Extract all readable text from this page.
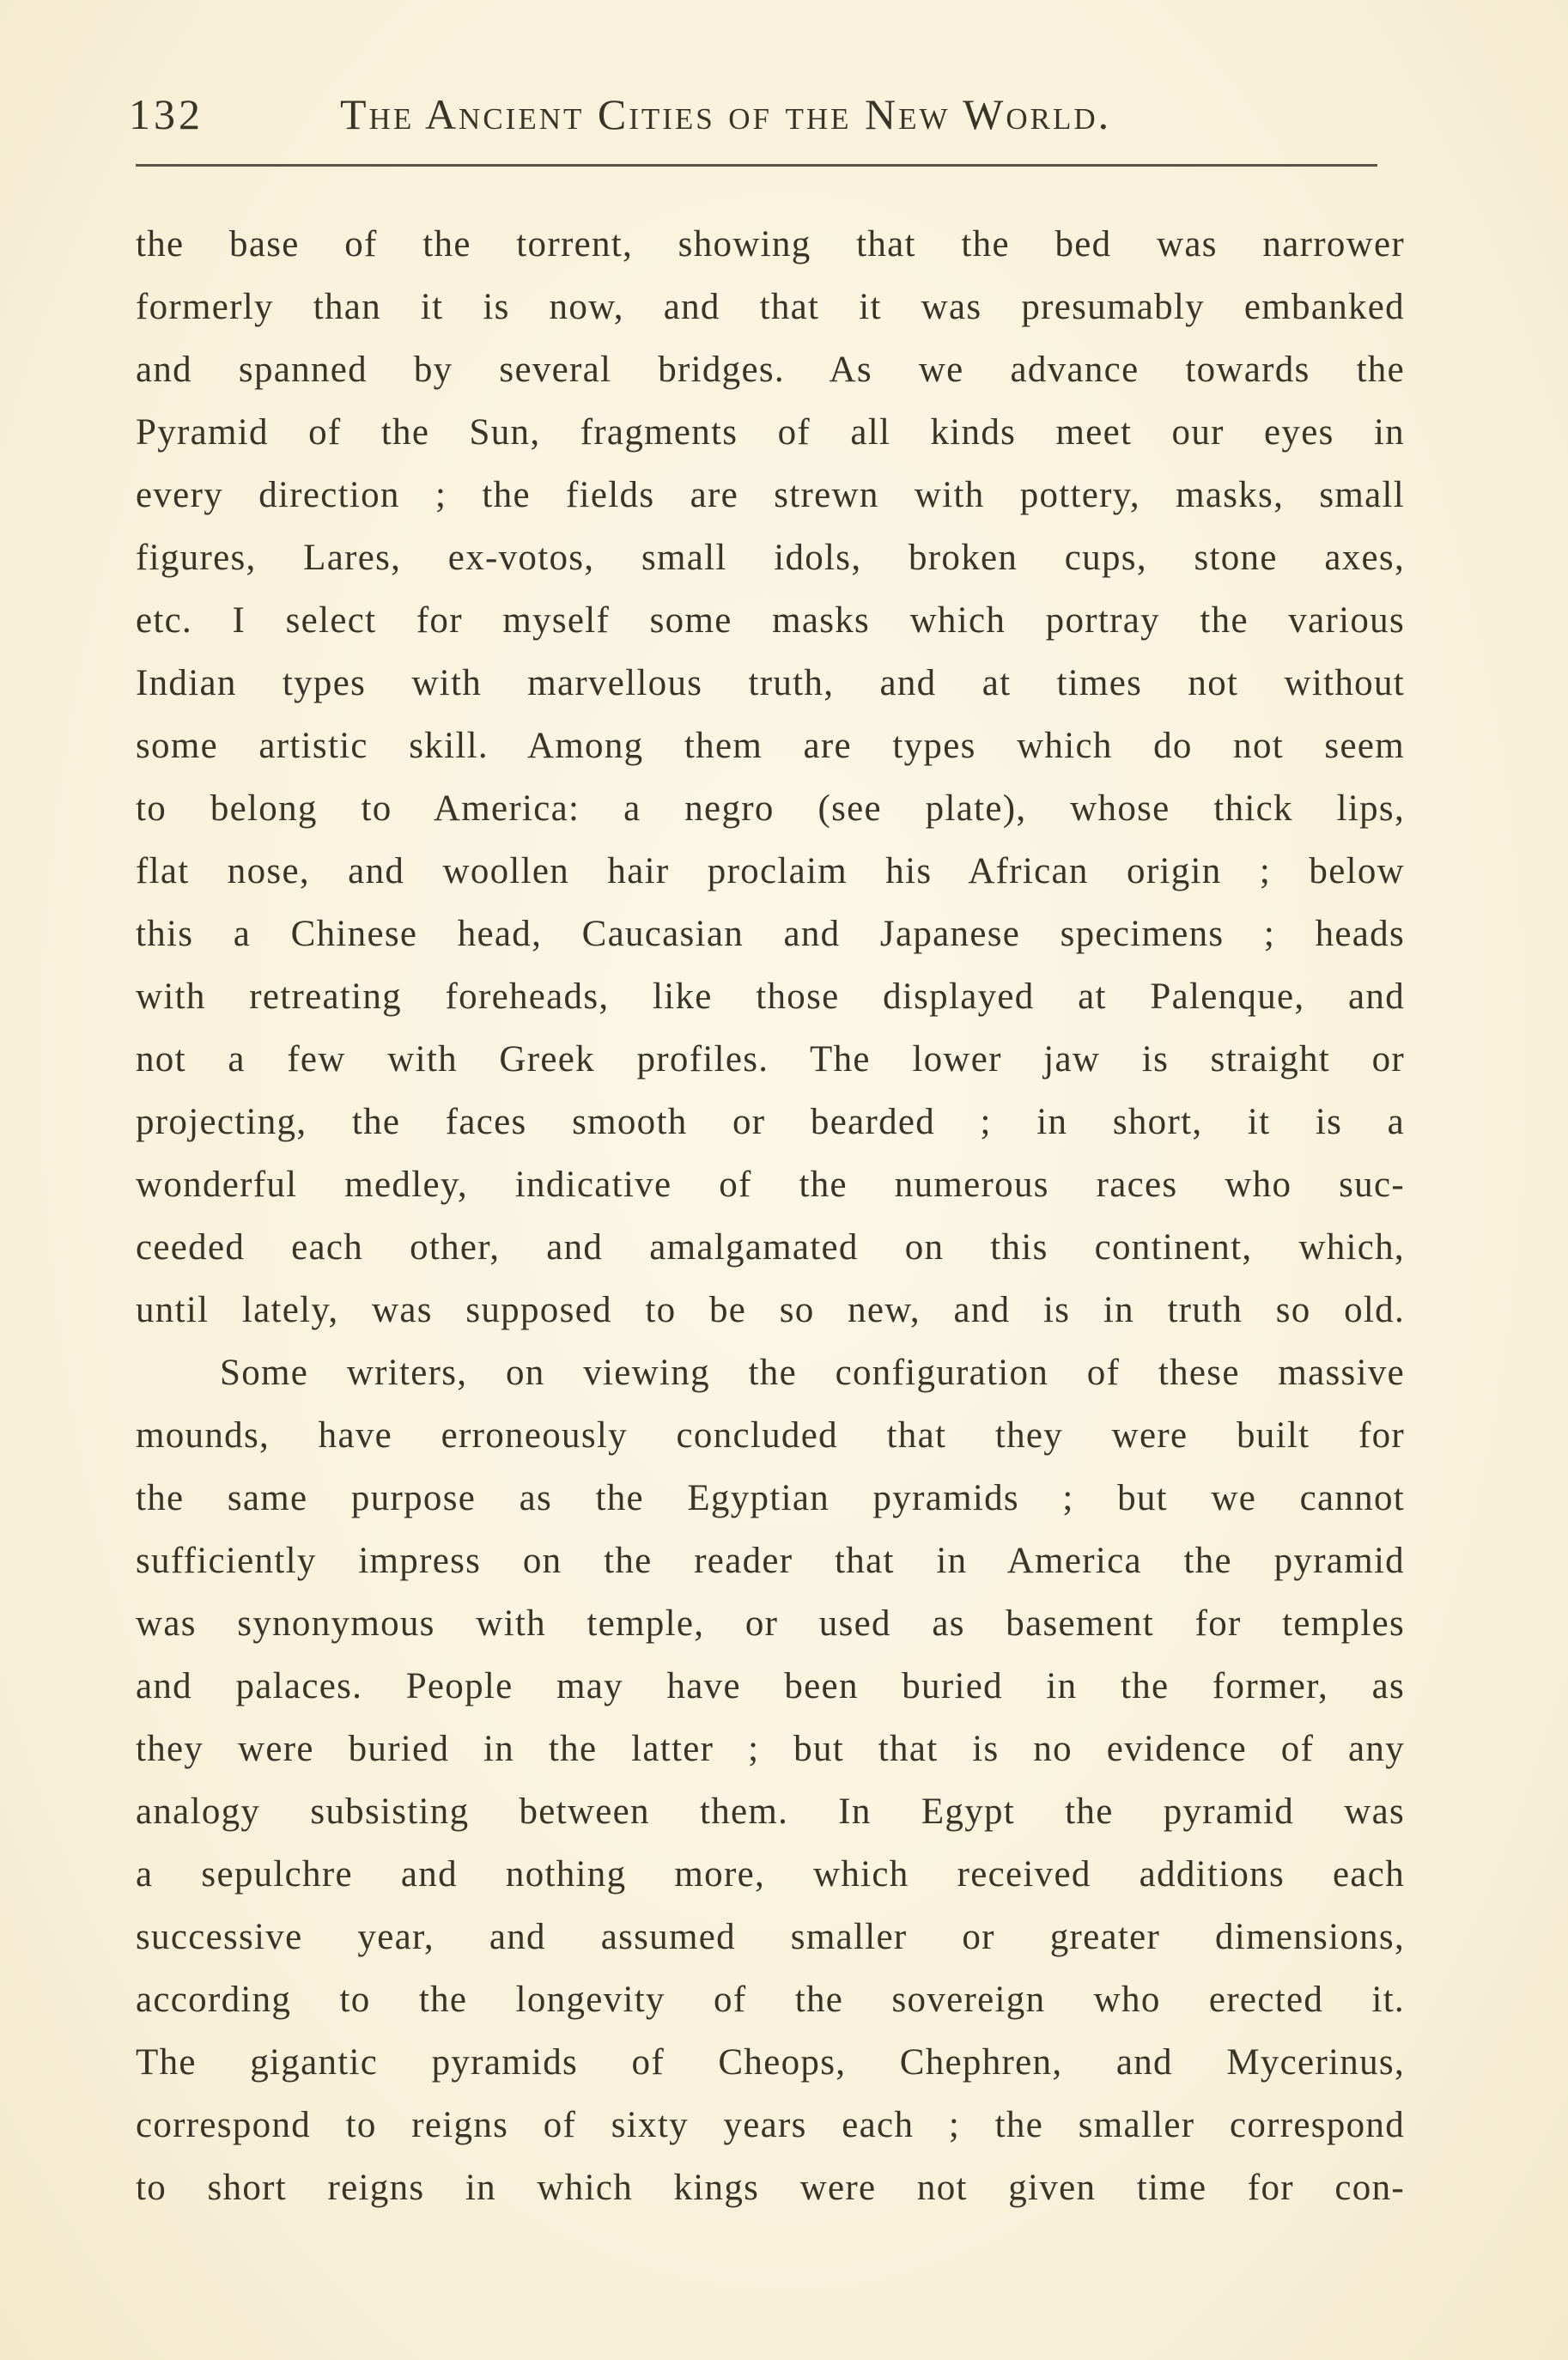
132	The Ancient Cities of the New World.
the base of the torrent, showing that the bed was narrower
formerly than it is now, and that it was presumably embanked
and spanned by several bridges. As we advance towards the
Pyramid of the Sun, fragments of all kinds meet our eyes in
every direction ; the fields are strewn with pottery, masks, small
figures, Lares, ex-votos, small idols, broken cups, stone axes,
etc. I select for myself some masks which portray the various
Indian types with marvellous truth, and at times not without
some artistic skill. Among them are types which do not seem
to belong to America: a negro (see plate), whose thick lips,
flat nose, and woollen hair proclaim his African origin ; below
this a Chinese head, Caucasian and Japanese specimens ; heads
with retreating foreheads, like those displayed at Palenque, and
not a few with Greek profiles. The lower jaw is straight or
projecting, the faces smooth or bearded ; in short, it is a
wonderful medley, indicative of the numerous races who suc-
ceeded each other, and amalgamated on this continent, which,
until lately, was supposed to be so new, and is in truth so old.
Some writers, on viewing the configuration of these massive
mounds, have erroneously concluded that they were built for
the same purpose as the Egyptian pyramids ; but we cannot
sufficiently impress on the reader that in America the pyramid
was synonymous with temple, or used as basement for temples
and palaces. People may have been buried in the former, as
they were buried in the latter ; but that is no evidence of any
analogy subsisting between them. In Egypt the pyramid was
a sepulchre and nothing more, which received additions each
successive year, and assumed smaller or greater dimensions,
according to the longevity of the sovereign who erected it.
The gigantic pyramids of Cheops, Chephren, and Mycerinus,
correspond to reigns of sixty years each ; the smaller correspond
to short reigns in which kings were not given time for con-
